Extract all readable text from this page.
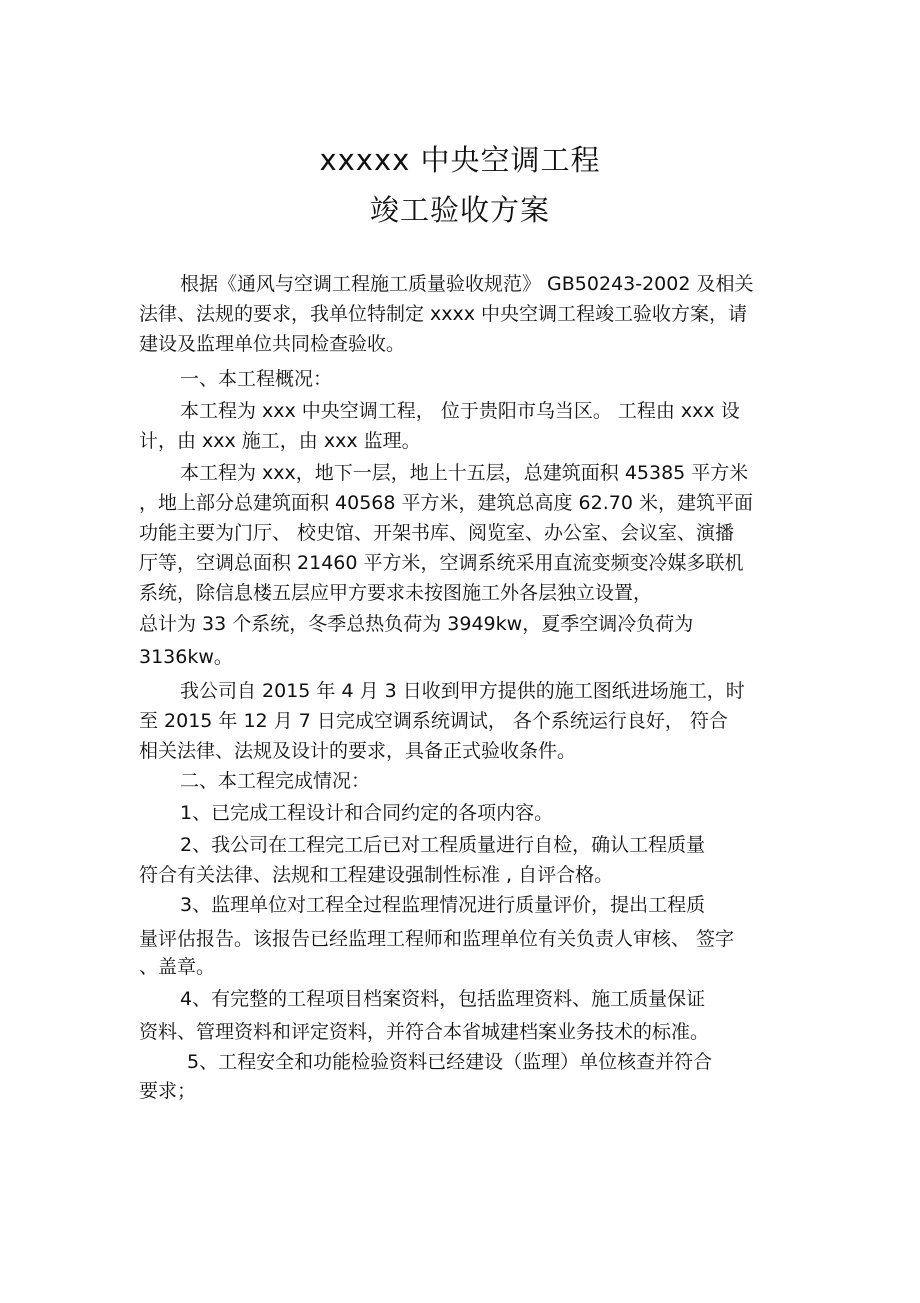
xxxxx 中央空调工程
竣工验收方案
根据《通风与空调工程施工质量验收规范》 GB50243-2002 及相关
法律、法规的要求，我单位特制定 xxxx 中央空调工程竣工验收方案，请
建设及监理单位共同检查验收。
一、本工程概况：
本工程为 xxx 中央空调工程， 位于贵阳市乌当区。 工程由 xxx 设
计，由 xxx 施工，由 xxx 监理。
本工程为 xxx，地下一层，地上十五层，总建筑面积 45385 平方米
，地上部分总建筑面积 40568 平方米，建筑总高度 62.70 米，建筑平面
功能主要为门厅、 校史馆、开架书库、阅览室、办公室、会议室、演播
厅等，空调总面积 21460 平方米，空调系统采用直流变频变冷媒多联机
系统，除信息楼五层应甲方要求未按图施工外各层独立设置，
总计为 33 个系统，冬季总热负荷为 3949kw，夏季空调冷负荷为
3136kw。
我公司自 2015 年 4 月 3 日收到甲方提供的施工图纸进场施工，时
至 2015 年 12 月 7 日完成空调系统调试， 各个系统运行良好， 符合
相关法律、法规及设计的要求，具备正式验收条件。
二、本工程完成情况：
1、已完成工程设计和合同约定的各项内容。
2、我公司在工程完工后已对工程质量进行自检，确认工程质量
符合有关法律、法规和工程建设强制性标准 , 自评合格。
3、监理单位对工程全过程监理情况进行质量评价，提出工程质
量评估报告。该报告已经监理工程师和监理单位有关负责人审核、 签字
、盖章。
4、有完整的工程项目档案资料，包括监理资料、施工质量保证
资料、管理资料和评定资料，并符合本省城建档案业务技术的标准。
5、工程安全和功能检验资料已经建设（监理）单位核查并符合
要求；
